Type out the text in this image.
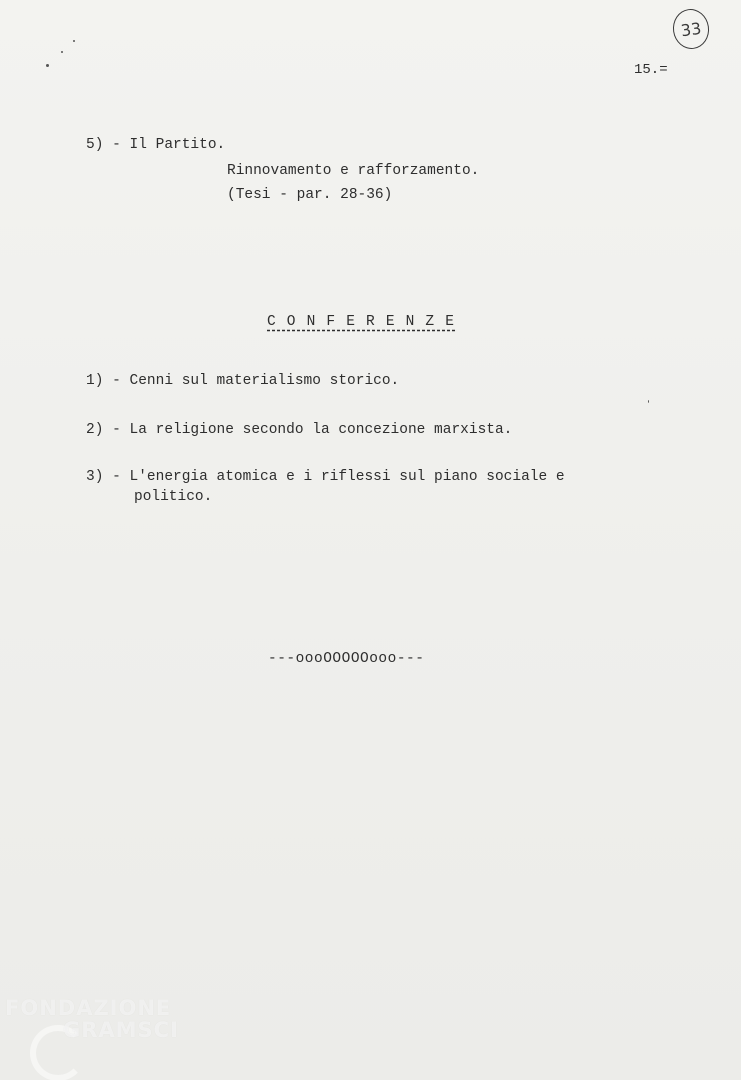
33
15.=
5) - Il Partito.
Rinnovamento e rafforzamento.
(Tesi - par. 28-36)
C O N F E R E N Z E
1) - Cenni sul materialismo storico.
2) - La religione secondo la concezione marxista.
3) - L'energia atomica e i riflessi sul piano sociale e
politico.
---oooOOOOOooo---
FONDAZIONE
GRAMSCI
